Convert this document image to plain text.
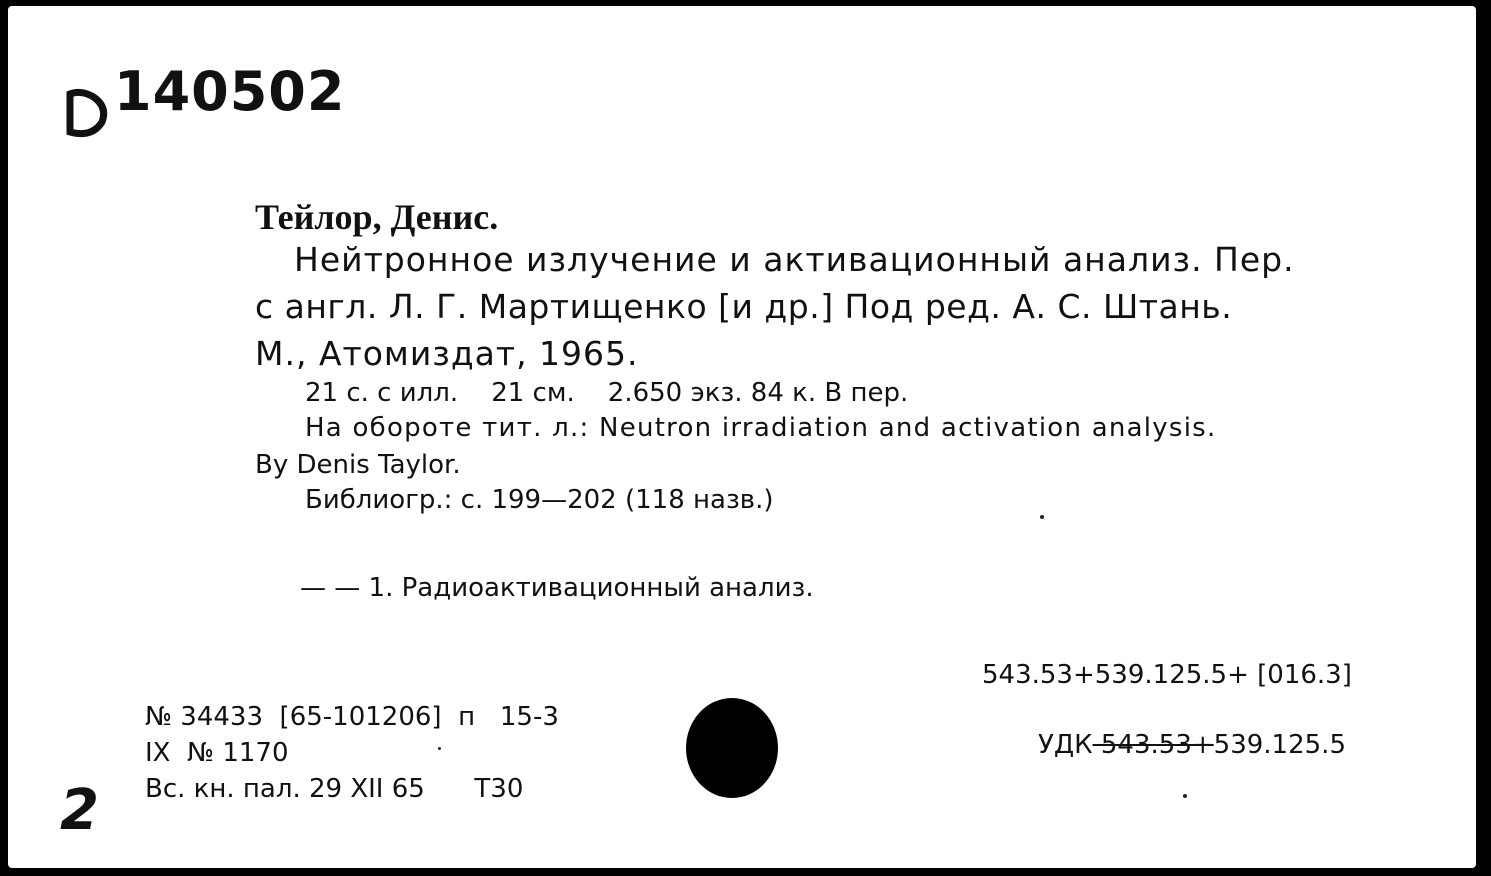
140502
Тейлор, Денис.
Нейтронное излучение и активационный анализ. Пер.
с англ. Л. Г. Мартищенко [и др.] Под ред. А. С. Штань.
М., Атомиздат, 1965.
21 с. с илл.    21 см.    2.650 экз. 84 к. В пер.
На обороте тит. л.: Neutron irradiation and activation analysis.
By Denis Taylor.
Библиогр.: с. 199—202 (118 назв.)
— — 1. Радиоактивационный анализ.
543.53+539.125.5+ [016.3]
УДК 543.53+539.125.5
№ 34433  [65-101206]  п   15-3
IX  № 1170
Вс. кн. пал. 29 XII 65      Т30
2
